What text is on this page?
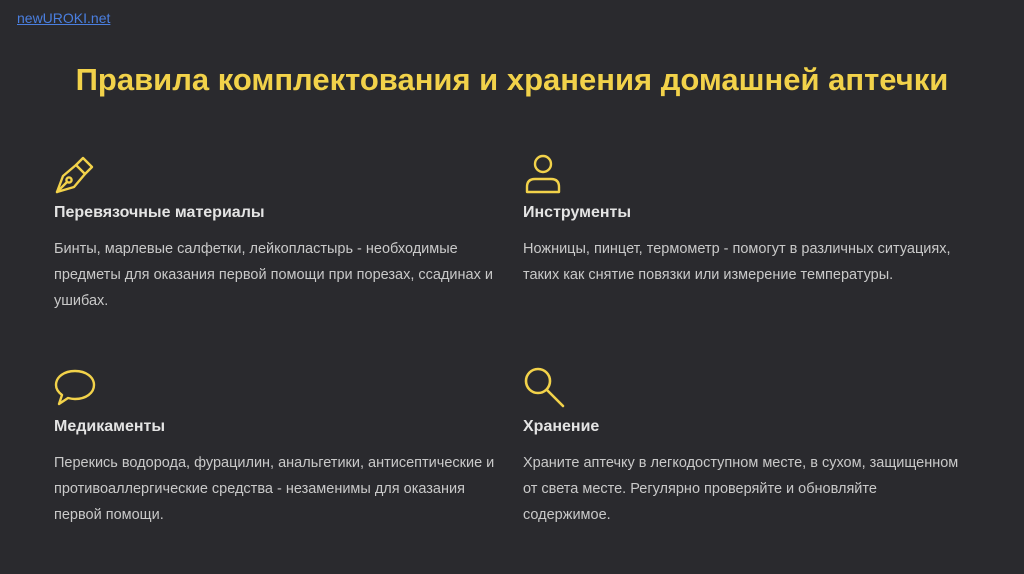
newUROKI.net
Правила комплектования и хранения домашней аптечки
Перевязочные материалы
Бинты, марлевые салфетки, лейкопластырь - необходимые предметы для оказания первой помощи при порезах, ссадинах и ушибах.
Инструменты
Ножницы, пинцет, термометр - помогут в различных ситуациях, таких как снятие повязки или измерение температуры.
Медикаменты
Перекись водорода, фурацилин, анальгетики, антисептические и противоаллергические средства - незаменимы для оказания первой помощи.
Хранение
Храните аптечку в легкодоступном месте, в сухом, защищенном от света месте. Регулярно проверяйте и обновляйте содержимое.
